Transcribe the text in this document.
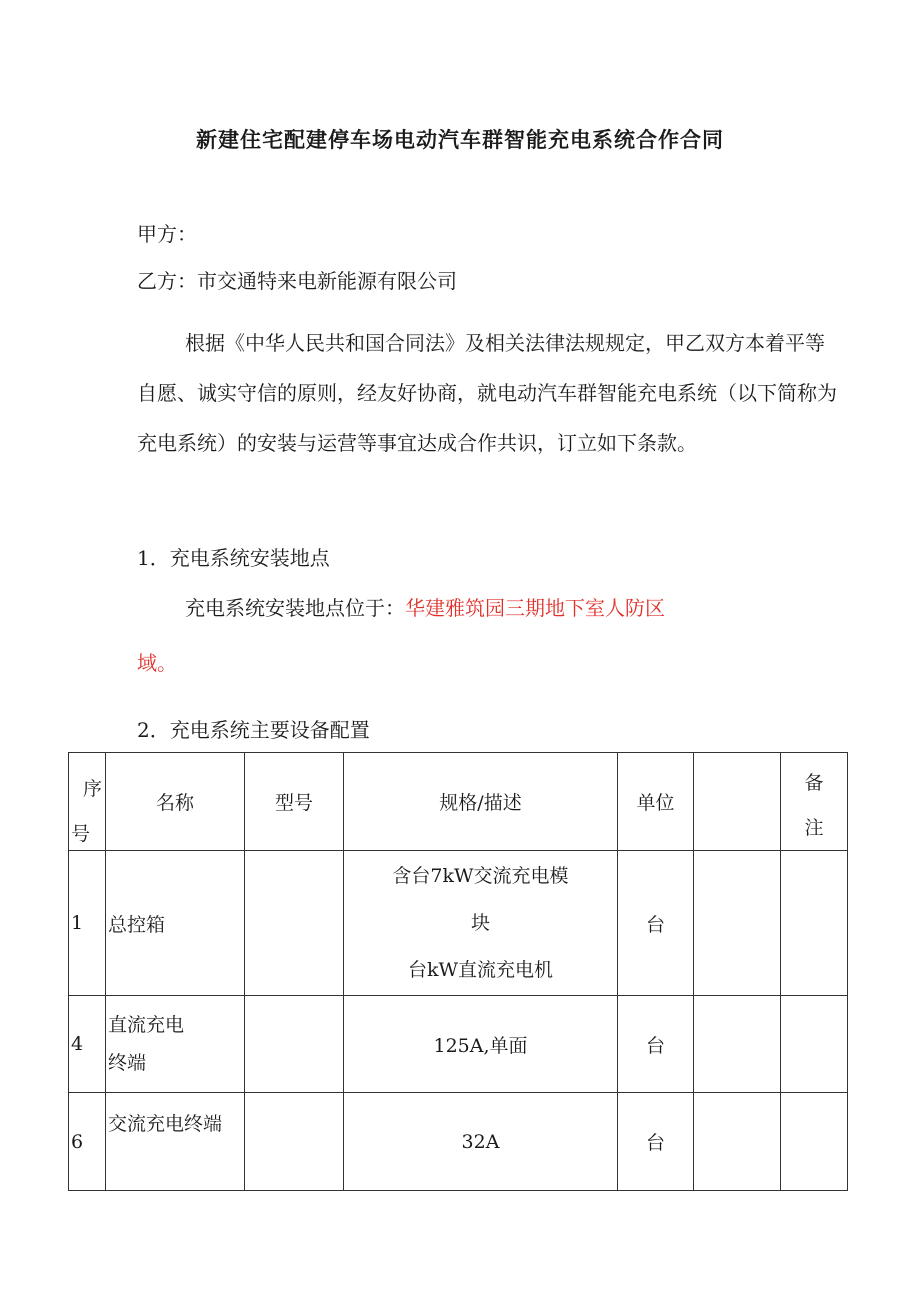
新建住宅配建停车场电动汽车群智能充电系统合作合同

甲方：

乙方：市交通特来电新能源有限公司

根据《中华人民共和国合同法》及相关法律法规规定，甲乙双方本着平等自愿、诚实守信的原则，经友好协商，就电动汽车群智能充电系统（以下简称为充电系统）的安装与运营等事宜达成合作共识，订立如下条款。

1．充电系统安装地点

充电系统安装地点位于：华建雅筑园三期地下室人防区

域。

2．充电系统主要设备配置

序
号	名称	型号	规格/描述	单位		备
注

1	总控箱		含台7kW交流充电模
块
台kW直流充电机	台		
4	直流充电
终端		125A,单面	台		
6	交流充电终端		32A	台		
